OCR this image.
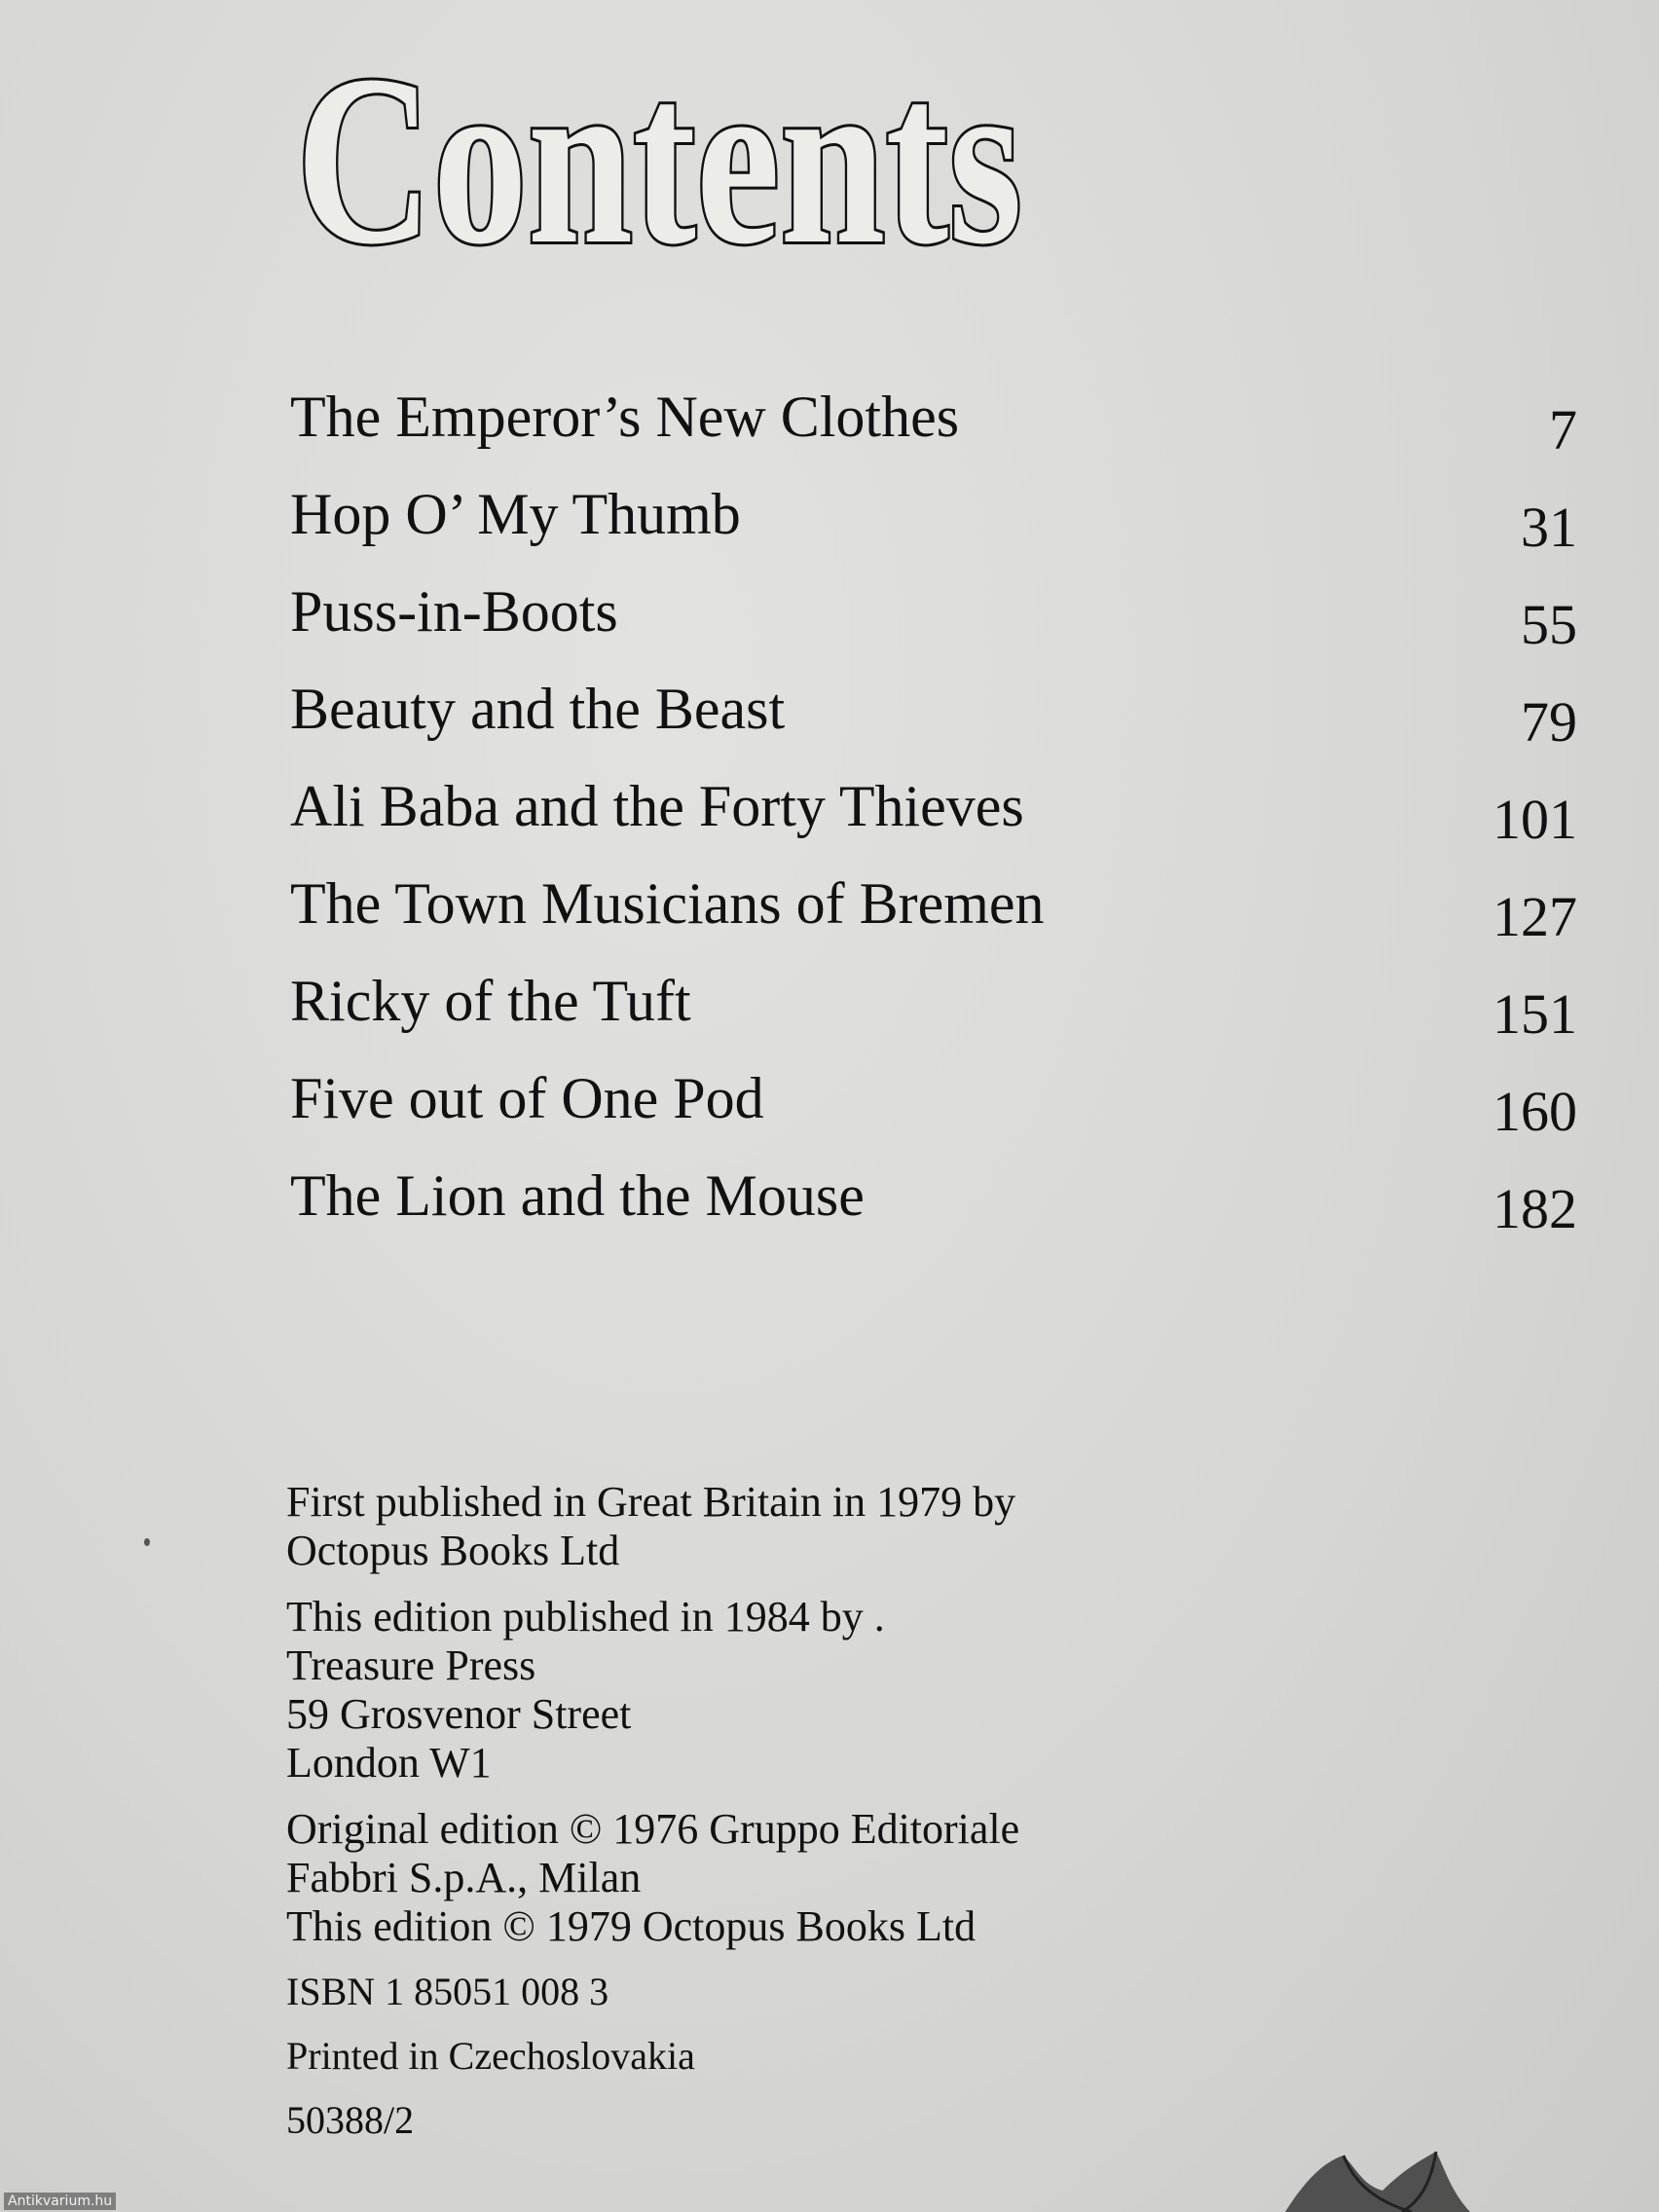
Contents
The Emperor’s New Clothes	7
Hop O’ My Thumb	31
Puss-in-Boots	55
Beauty and the Beast	79
Ali Baba and the Forty Thieves	101
The Town Musicians of Bremen	127
Ricky of the Tuft	151
Five out of One Pod	160
The Lion and the Mouse	182
First published in Great Britain in 1979 by
Octopus Books Ltd
This edition published in 1984 by .
Treasure Press
59 Grosvenor Street
London W1
Original edition © 1976 Gruppo Editoriale
Fabbri S.p.A., Milan
This edition © 1979 Octopus Books Ltd
ISBN 1 85051 008 3
Printed in Czechoslovakia
50388/2
Antikvarium.hu
